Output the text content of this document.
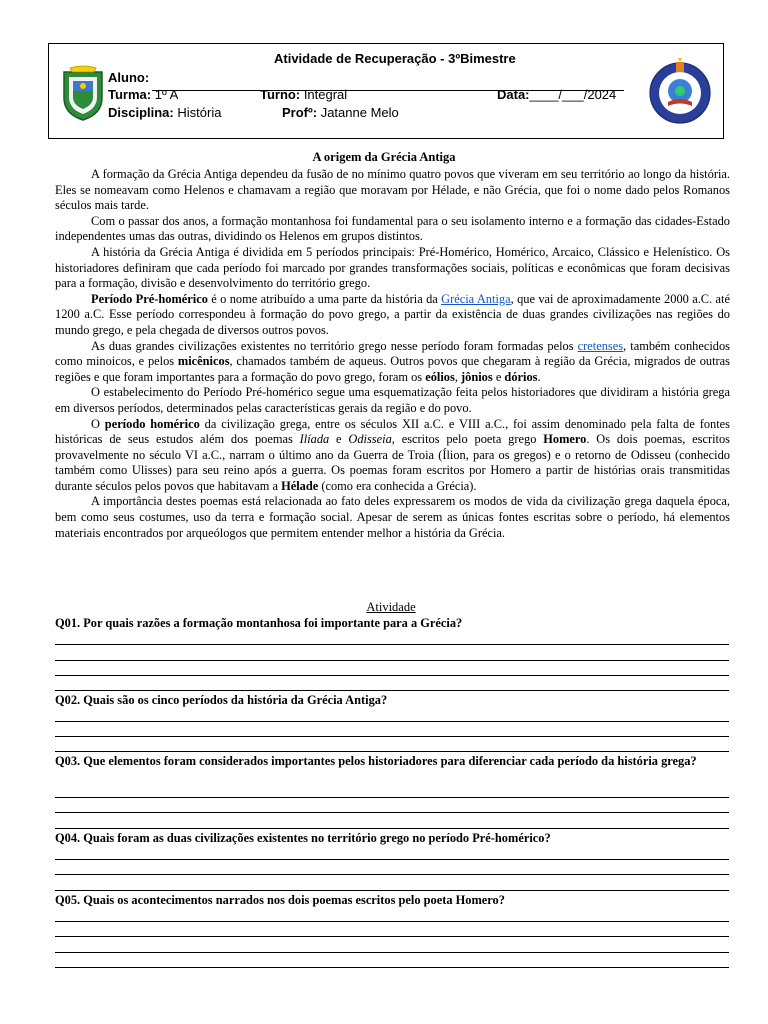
Atividade de Recuperação - 3ºBimestre
Aluno:
Turma: 1º A	Turno: Integral	Data:____/___/2024
Disciplina: História	Profº: Jatanne Melo
A origem da Grécia Antiga

A formação da Grécia Antiga dependeu da fusão de no mínimo quatro povos que viveram em seu território ao longo da história. Eles se nomeavam como Helenos e chamavam a região que moravam por Hélade, e não Grécia, que foi o nome dado pelos Romanos séculos mais tarde.

Com o passar dos anos, a formação montanhosa foi fundamental para o seu isolamento interno e a formação das cidades-Estado independentes umas das outras, dividindo os Helenos em grupos distintos.

A história da Grécia Antiga é dividida em 5 períodos principais: Pré-Homérico, Homérico, Arcaico, Clássico e Helenístico. Os historiadores definiram que cada período foi marcado por grandes transformações sociais, políticas e econômicas que foram decisivas para a formação, divisão e desenvolvimento do território grego.

Período Pré-homérico é o nome atribuído a uma parte da história da Grécia Antiga, que vai de aproximadamente 2000 a.C. até 1200 a.C. Esse período correspondeu à formação do povo grego, a partir da existência de duas grandes civilizações nas regiões do mundo grego, e pela chegada de diversos outros povos.

As duas grandes civilizações existentes no território grego nesse período foram formadas pelos cretenses, também conhecidos como minoicos, e pelos micênicos, chamados também de aqueus. Outros povos que chegaram à região da Grécia, migrados de outras regiões e que foram importantes para a formação do povo grego, foram os eólios, jônios e dórios.

O estabelecimento do Período Pré-homérico segue uma esquematização feita pelos historiadores que dividiram a história grega em diversos períodos, determinados pelas características gerais da região e do povo.

O período homérico da civilização grega, entre os séculos XII a.C. e VIII a.C., foi assim denominado pela falta de fontes históricas de seus estudos além dos poemas Ilíada e Odisseia, escritos pelo poeta grego Homero. Os dois poemas, escritos provavelmente no século VI a.C., narram o último ano da Guerra de Troia (Ílion, para os gregos) e o retorno de Odisseu (conhecido também como Ulisses) para seu reino após a guerra. Os poemas foram escritos por Homero a partir de histórias orais transmitidas durante séculos pelos povos que habitavam a Hélade (como era conhecida a Grécia).

A importância destes poemas está relacionada ao fato deles expressarem os modos de vida da civilização grega daquela época, bem como seus costumes, uso da terra e formação social. Apesar de serem as únicas fontes escritas sobre o período, há elementos materiais encontrados por arqueólogos que permitem entender melhor a história da Grécia.

Atividade
Q01. Por quais razões a formação montanhosa foi importante para a Grécia?
Q02. Quais são os cinco períodos da história da Grécia Antiga?
Q03. Que elementos foram considerados importantes pelos historiadores para diferenciar cada período da história grega?
Q04. Quais foram as duas civilizações existentes no território grego no período Pré-homérico?
Q05. Quais os acontecimentos narrados nos dois poemas escritos pelo poeta Homero?
